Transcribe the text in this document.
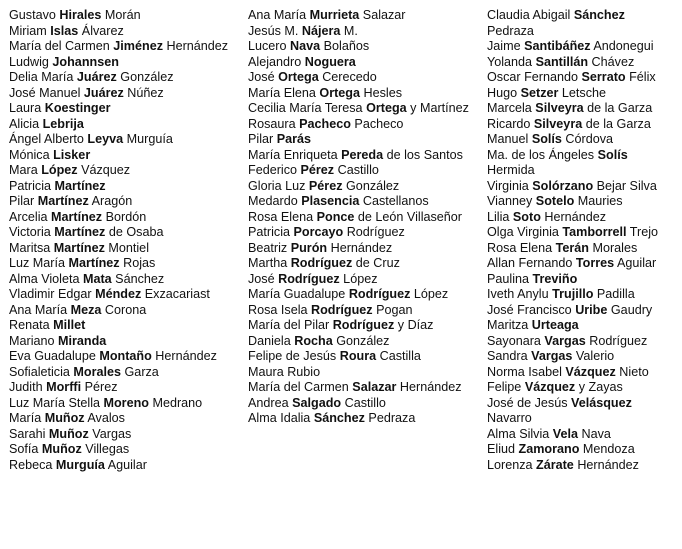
Gustavo Hirales Morán
Miriam Islas Álvarez
María del Carmen Jiménez Hernández
Ludwig Johannsen
Delia María Juárez González
José Manuel Juárez Núñez
Laura Koestinger
Alicia Lebrija
Ángel Alberto Leyva Murguía
Mónica Lisker
Mara López Vázquez
Patricia Martínez
Pilar Martínez Aragón
Arcelia Martínez Bordón
Victoria Martínez de Osaba
Maritsa Martínez Montiel
Luz María Martínez Rojas
Alma Violeta Mata Sánchez
Vladimir Edgar Méndez Exzacariast
Ana María Meza Corona
Renata Millet
Mariano Miranda
Eva Guadalupe Montaño Hernández
Sofialeticia Morales Garza
Judith Morffi Pérez
Luz María Stella Moreno Medrano
María Muñoz Avalos
Sarahi Muñoz Vargas
Sofía Muñoz Villegas
Rebeca Murguía Aguilar
Ana María Murrieta Salazar
Jesús M. Nájera M.
Lucero Nava Bolaños
Alejandro Noguera
José Ortega Cerecedo
María Elena Ortega Hesles
Cecilia María Teresa Ortega y Martínez
Rosaura Pacheco Pacheco
Pilar Parás
María Enriqueta Pereda de los Santos
Federico Pérez Castillo
Gloria Luz Pérez González
Medardo Plasencia Castellanos
Rosa Elena Ponce de León Villaseñor
Patricia Porcayo Rodríguez
Beatriz Purón Hernández
Martha Rodríguez de Cruz
José Rodríguez López
María Guadalupe Rodríguez López
Rosa Isela Rodríguez Pogan
María del Pilar Rodríguez y Díaz
Daniela Rocha González
Felipe de Jesús Roura Castilla
Maura Rubio
María del Carmen Salazar Hernández
Andrea Salgado Castillo
Alma Idalia Sánchez Pedraza
Claudia Abigail Sánchez Pedraza
Jaime Santibáñez Andonegui
Yolanda Santillán Chávez
Oscar Fernando Serrato Félix
Hugo Setzer Letsche
Marcela Silveyra de la Garza
Ricardo Silveyra de la Garza
Manuel Solís Córdova
Ma. de los Ángeles Solís Hermida
Virginia Solórzano Bejar Silva
Vianney Sotelo Mauries
Lilia Soto Hernández
Olga Virginia Tamborrell Trejo
Rosa Elena Terán Morales
Allan Fernando Torres Aguilar
Paulina Treviño
Iveth Anylu Trujillo Padilla
José Francisco Uribe Gaudry
Maritza Urteaga
Sayonara Vargas Rodríguez
Sandra Vargas Valerio
Norma Isabel Vázquez Nieto
Felipe Vázquez y Zayas
José de Jesús Velásquez Navarro
Alma Silvia Vela Nava
Eliud Zamorano Mendoza
Lorenza Zárate Hernández
